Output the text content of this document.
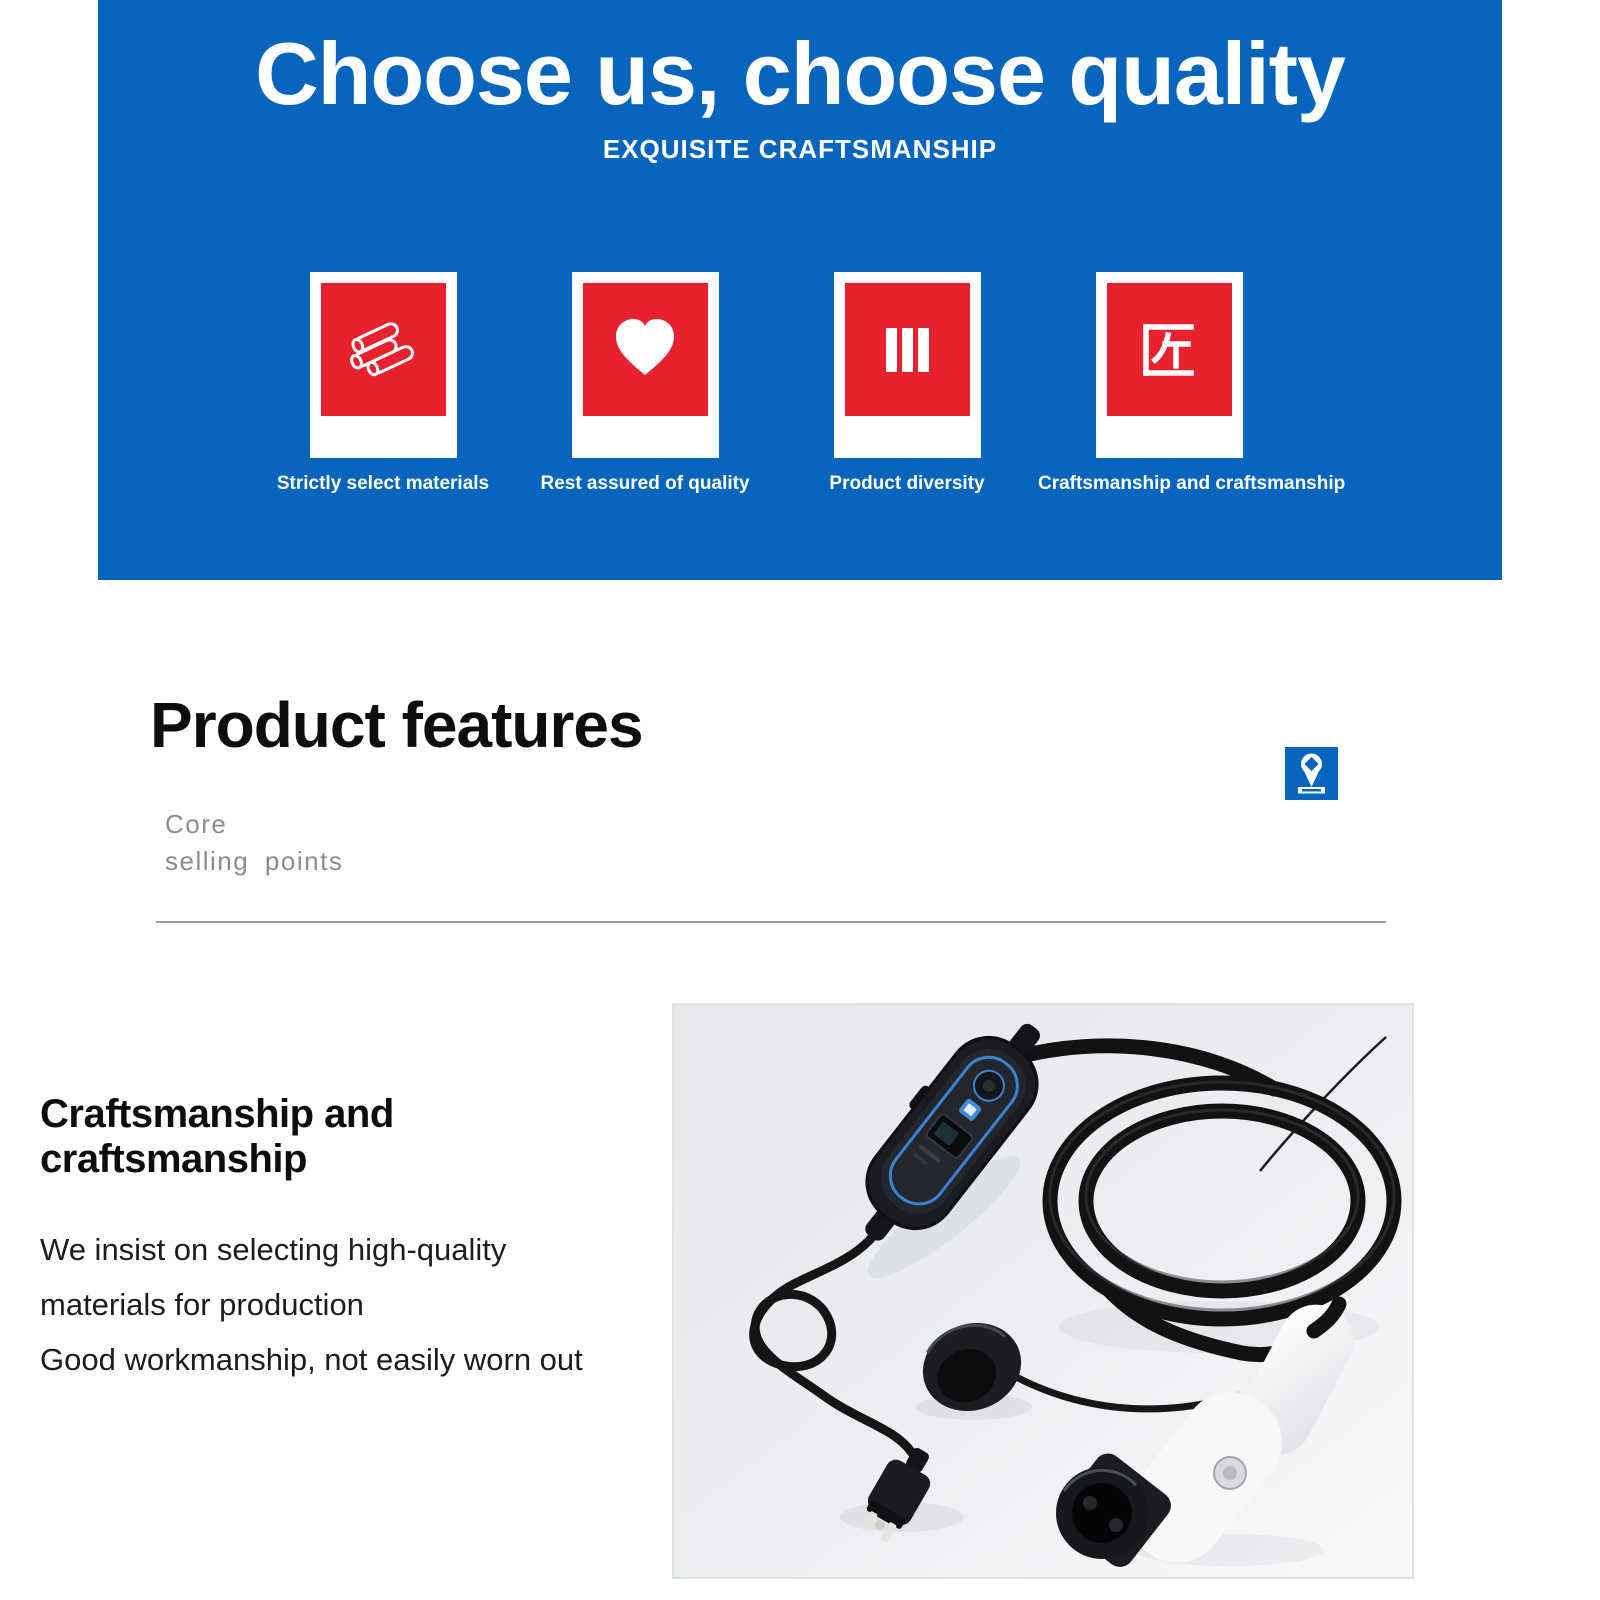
Choose us, choose quality
EXQUISITE CRAFTSMANSHIP
Strictly select materials	Rest assured of quality	Product diversity	Craftsmanship and craftsmanship
Product features
Core
selling points
Craftsmanship and craftsmanship
We insist on selecting high-quality
materials for production
Good workmanship, not easily worn out
